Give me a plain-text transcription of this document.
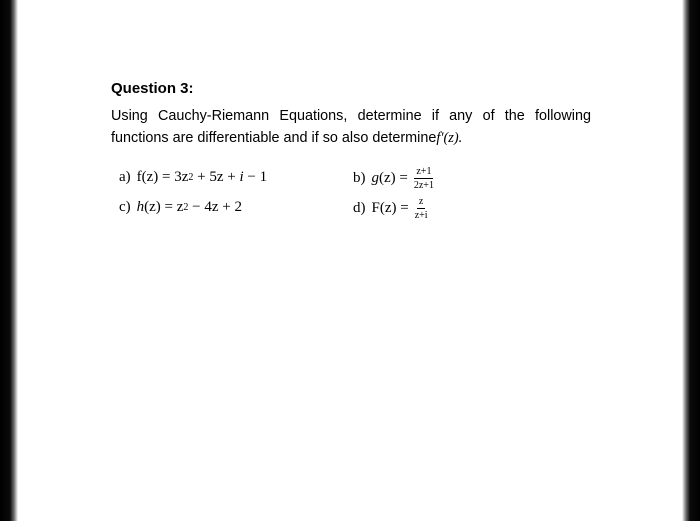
Question 3:
Using Cauchy-Riemann Equations, determine if any of the following functions are differentiable and if so also determinef′(z).
a) f(z) = 3z 2 + 5z + i − 1	b) g $(z) = \frac{z+1}{2z+1}$
c) h (z) = z 2 − 4z + 2	d) $F(z) = \frac{z}{z+i}$
